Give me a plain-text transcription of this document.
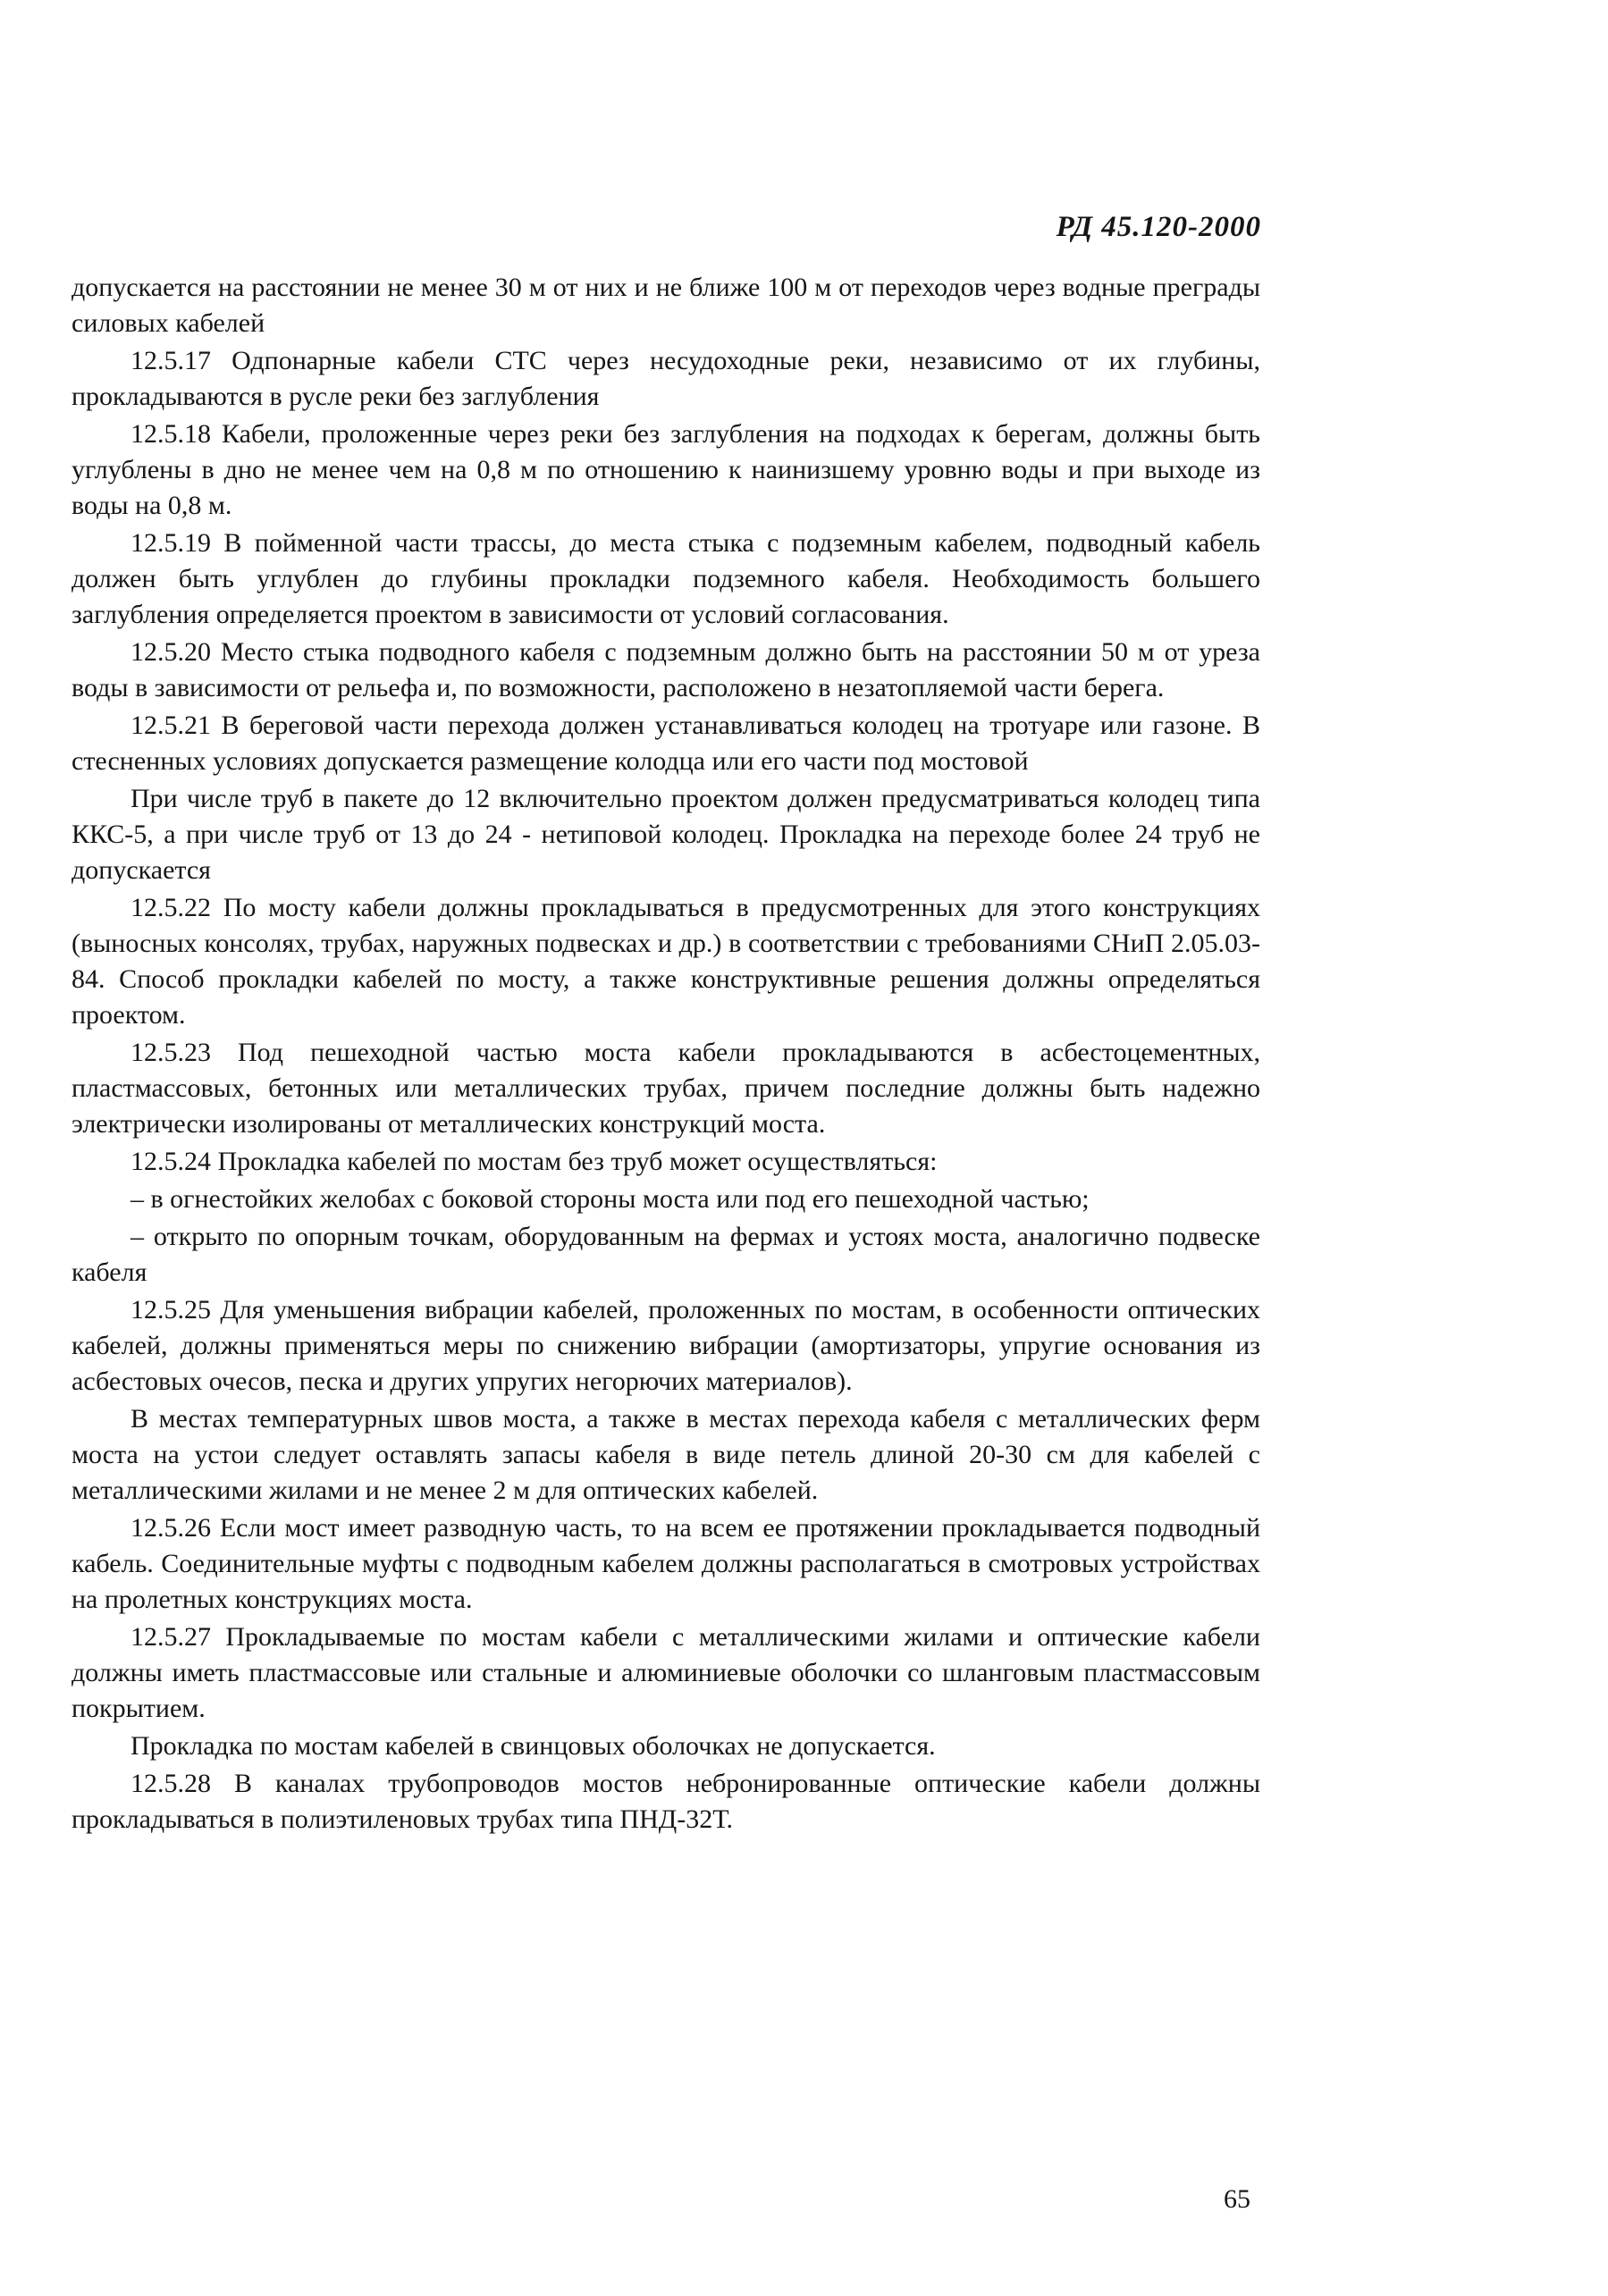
РД 45.120-2000

допускается на расстоянии не менее 30 м от них и не ближе 100 м от переходов через водные преграды силовых кабелей

12.5.17 Одпонарные кабели СТС через несудоходные реки, независимо от их глубины, прокладываются в русле реки без заглубления

12.5.18 Кабели, проложенные через реки без заглубления на подходах к берегам, должны быть углублены в дно не менее чем на 0,8 м по отношению к наинизшему уровню воды и при выходе из воды на 0,8 м.

12.5.19 В пойменной части трассы, до места стыка с подземным кабелем, подводный кабель должен быть углублен до глубины прокладки подземного кабеля. Необходимость большего заглубления определяется проектом в зависимости от условий согласования.

12.5.20 Место стыка подводного кабеля с подземным должно быть на расстоянии 50 м от уреза воды в зависимости от рельефа и, по возможности, расположено в незатопляемой части берега.

12.5.21 В береговой части перехода должен устанавливаться колодец на тротуаре или газоне. В стесненных условиях допускается размещение колодца или его части под мостовой

При числе труб в пакете до 12 включительно проектом должен предусматриваться колодец типа ККС-5, а при числе труб от 13 до 24 - нетиповой колодец. Прокладка на переходе более 24 труб не допускается

12.5.22 По мосту кабели должны прокладываться в предусмотренных для этого конструкциях (выносных консолях, трубах, наружных подвесках и др.) в соответствии с требованиями СНиП 2.05.03-84. Способ прокладки кабелей по мосту, а также конструктивные решения должны определяться проектом.

12.5.23 Под пешеходной частью моста кабели прокладываются в асбестоцементных, пластмассовых, бетонных или металлических трубах, причем последние должны быть надежно электрически изолированы от металлических конструкций моста.

12.5.24 Прокладка кабелей по мостам без труб может осуществляться:

– в огнестойких желобах с боковой стороны моста или под его пешеходной частью;

– открыто по опорным точкам, оборудованным на фермах и устоях моста, аналогично подвеске кабеля

12.5.25 Для уменьшения вибрации кабелей, проложенных по мостам, в особенности оптических кабелей, должны применяться меры по снижению вибрации (амортизаторы, упругие основания из асбестовых очесов, песка и других упругих негорючих материалов).

В местах температурных швов моста, а также в местах перехода кабеля с металлических ферм моста на устои следует оставлять запасы кабеля в виде петель длиной 20-30 см для кабелей с металлическими жилами и не менее 2 м для оптических кабелей.

12.5.26 Если мост имеет разводную часть, то на всем ее протяжении прокладывается подводный кабель. Соединительные муфты с подводным кабелем должны располагаться в смотровых устройствах на пролетных конструкциях моста.

12.5.27 Прокладываемые по мостам кабели с металлическими жилами и оптические кабели должны иметь пластмассовые или стальные и алюминиевые оболочки со шланговым пластмассовым покрытием.

Прокладка по мостам кабелей в свинцовых оболочках не допускается.

12.5.28 В каналах трубопроводов мостов небронированные оптические кабели должны прокладываться в полиэтиленовых трубах типа ПНД-32Т.

65
